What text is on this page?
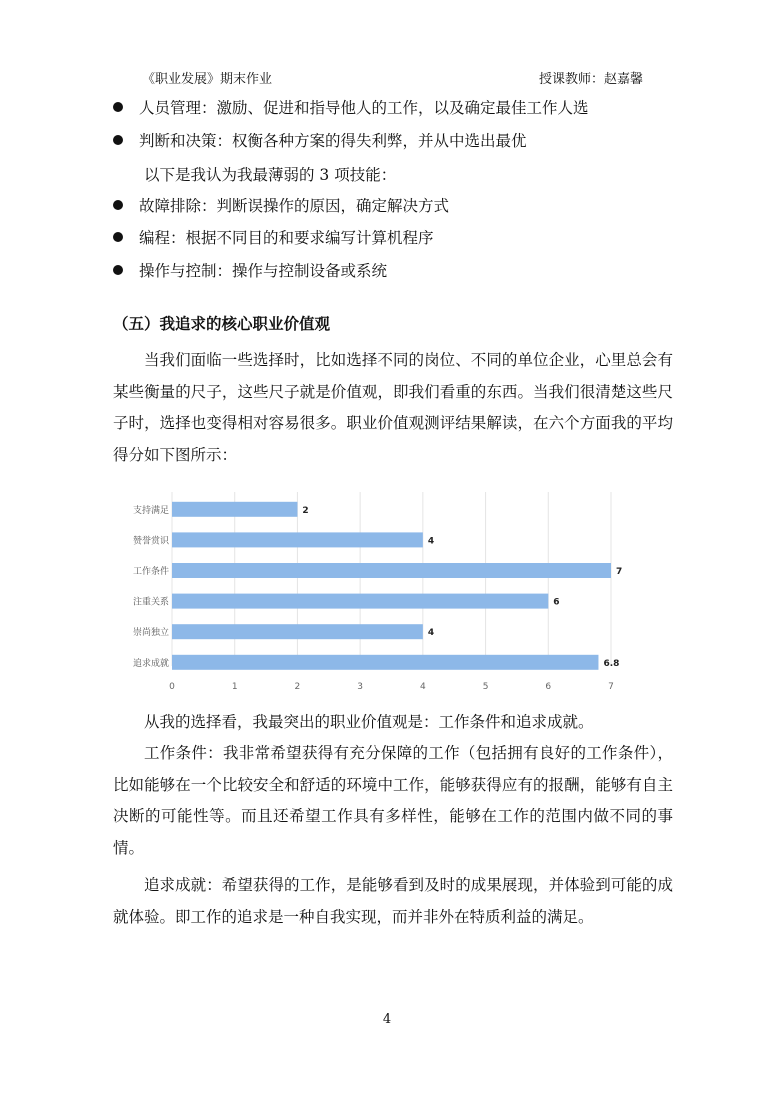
《职业发展》期末作业	授课教师：赵嘉馨
人员管理：激励、促进和指导他人的工作，以及确定最佳工作人选
判断和决策：权衡各种方案的得失利弊，并从中选出最优
以下是我认为我最薄弱的 3 项技能：
故障排除：判断误操作的原因，确定解决方式
编程：根据不同目的和要求编写计算机程序
操作与控制：操作与控制设备或系统
（五）我追求的核心职业价值观
当我们面临一些选择时，比如选择不同的岗位、不同的单位企业，心里总会有某些衡量的尺子，这些尺子就是价值观，即我们看重的东西。当我们很清楚这些尺子时，选择也变得相对容易很多。职业价值观测评结果解读，在六个方面我的平均得分如下图所示：
0	1	2	3	4	5	6	7
支持满足	2
赞誉赏识	4
工作条件	7
注重关系	6
崇尚独立	4
追求成就	6.8
从我的选择看，我最突出的职业价值观是：工作条件和追求成就。
工作条件：我非常希望获得有充分保障的工作（包括拥有良好的工作条件），比如能够在一个比较安全和舒适的环境中工作，能够获得应有的报酬，能够有自主决断的可能性等。而且还希望工作具有多样性，能够在工作的范围内做不同的事情。
追求成就：希望获得的工作，是能够看到及时的成果展现，并体验到可能的成就体验。即工作的追求是一种自我实现，而并非外在特质利益的满足。
4
